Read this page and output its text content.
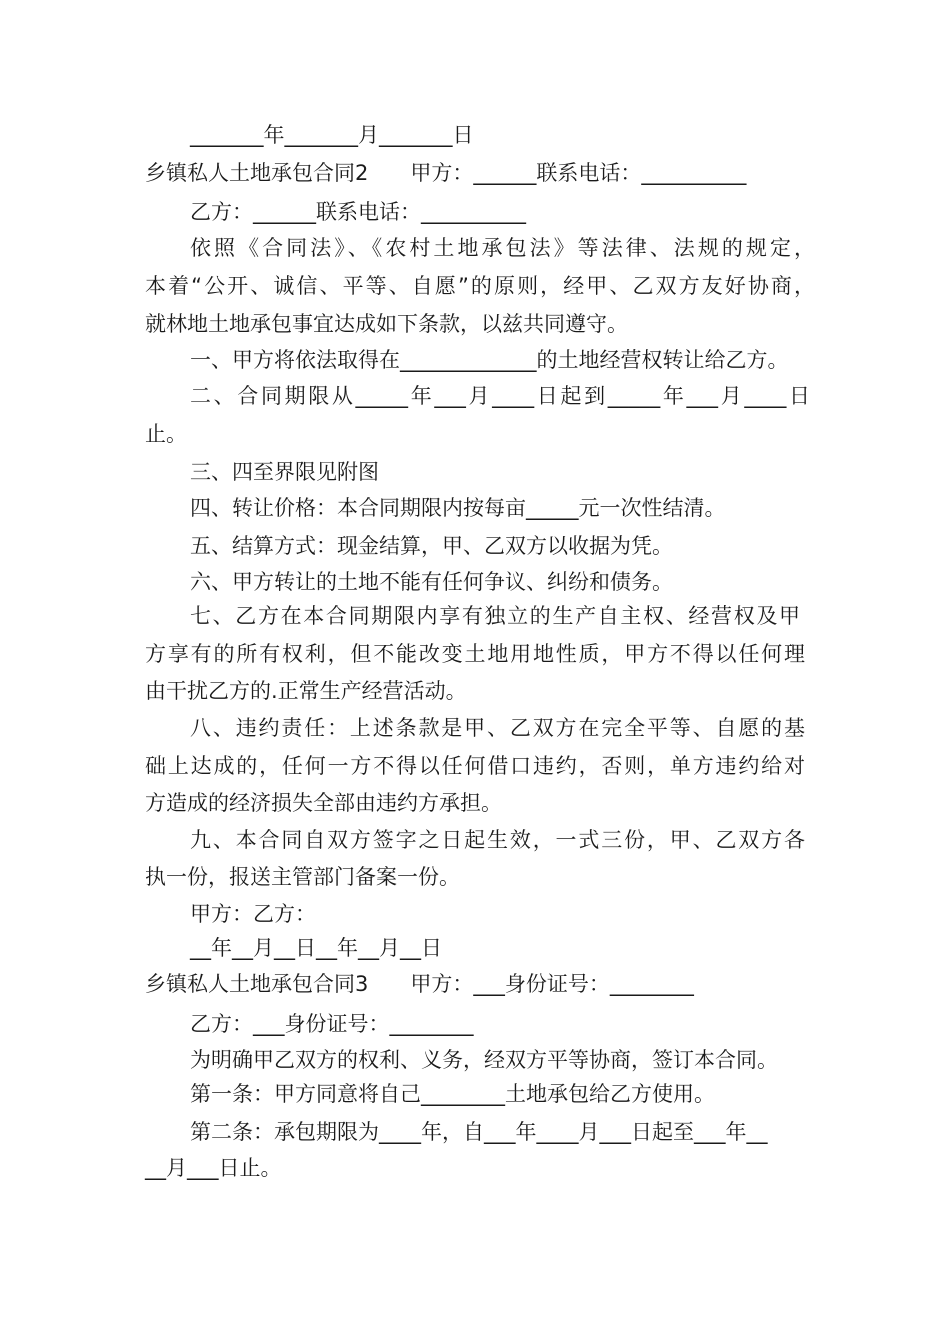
_______年_______月_______日
乡镇私人土地承包合同2　　甲方：______联系电话：__________
乙方：______联系电话：__________
依照《合同法》、《农村土地承包法》等法律、法规的规定，
本着“公开、诚信、平等、自愿”的原则，经甲、乙双方友好协商，
就林地土地承包事宜达成如下条款，以兹共同遵守。
一、甲方将依法取得在_____________的土地经营权转让给乙方。
二、合同期限从_____年___月____日起到_____年___月____日
止。
三、四至界限见附图
四、转让价格：本合同期限内按每亩_____元一次性结清。
五、结算方式：现金结算，甲、乙双方以收据为凭。
六、甲方转让的土地不能有任何争议、纠纷和债务。
七、乙方在本合同期限内享有独立的生产自主权、经营权及甲
方享有的所有权利，但不能改变土地用地性质，甲方不得以任何理
由干扰乙方的.正常生产经营活动。
八、违约责任：上述条款是甲、乙双方在完全平等、自愿的基
础上达成的，任何一方不得以任何借口违约，否则，单方违约给对
方造成的经济损失全部由违约方承担。
九、本合同自双方签字之日起生效，一式三份，甲、乙双方各
执一份，报送主管部门备案一份。
甲方：乙方：
__年__月__日__年__月__日
乡镇私人土地承包合同3　　甲方：___身份证号：________
乙方：___身份证号：________
为明确甲乙双方的权利、义务，经双方平等协商，签订本合同。
第一条：甲方同意将自己________土地承包给乙方使用。
第二条：承包期限为____年，自___年____月___日起至___年__
__月___日止。
